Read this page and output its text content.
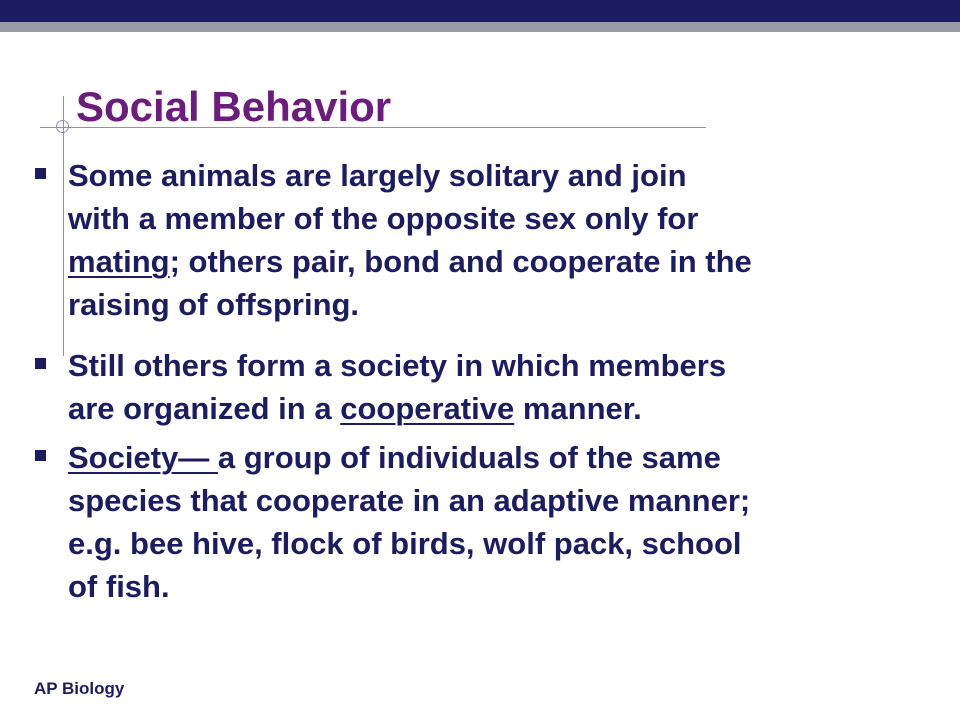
Social Behavior
Some animals are largely solitary and join
with a member of the opposite sex only for
mating; others pair, bond and cooperate in the
raising of offspring.
Still others form a society in which members
are organized in a cooperative manner.
Society— a group of individuals of the same
species that cooperate in an adaptive manner;
e.g. bee hive, flock of birds, wolf pack, school
of fish.
AP Biology
